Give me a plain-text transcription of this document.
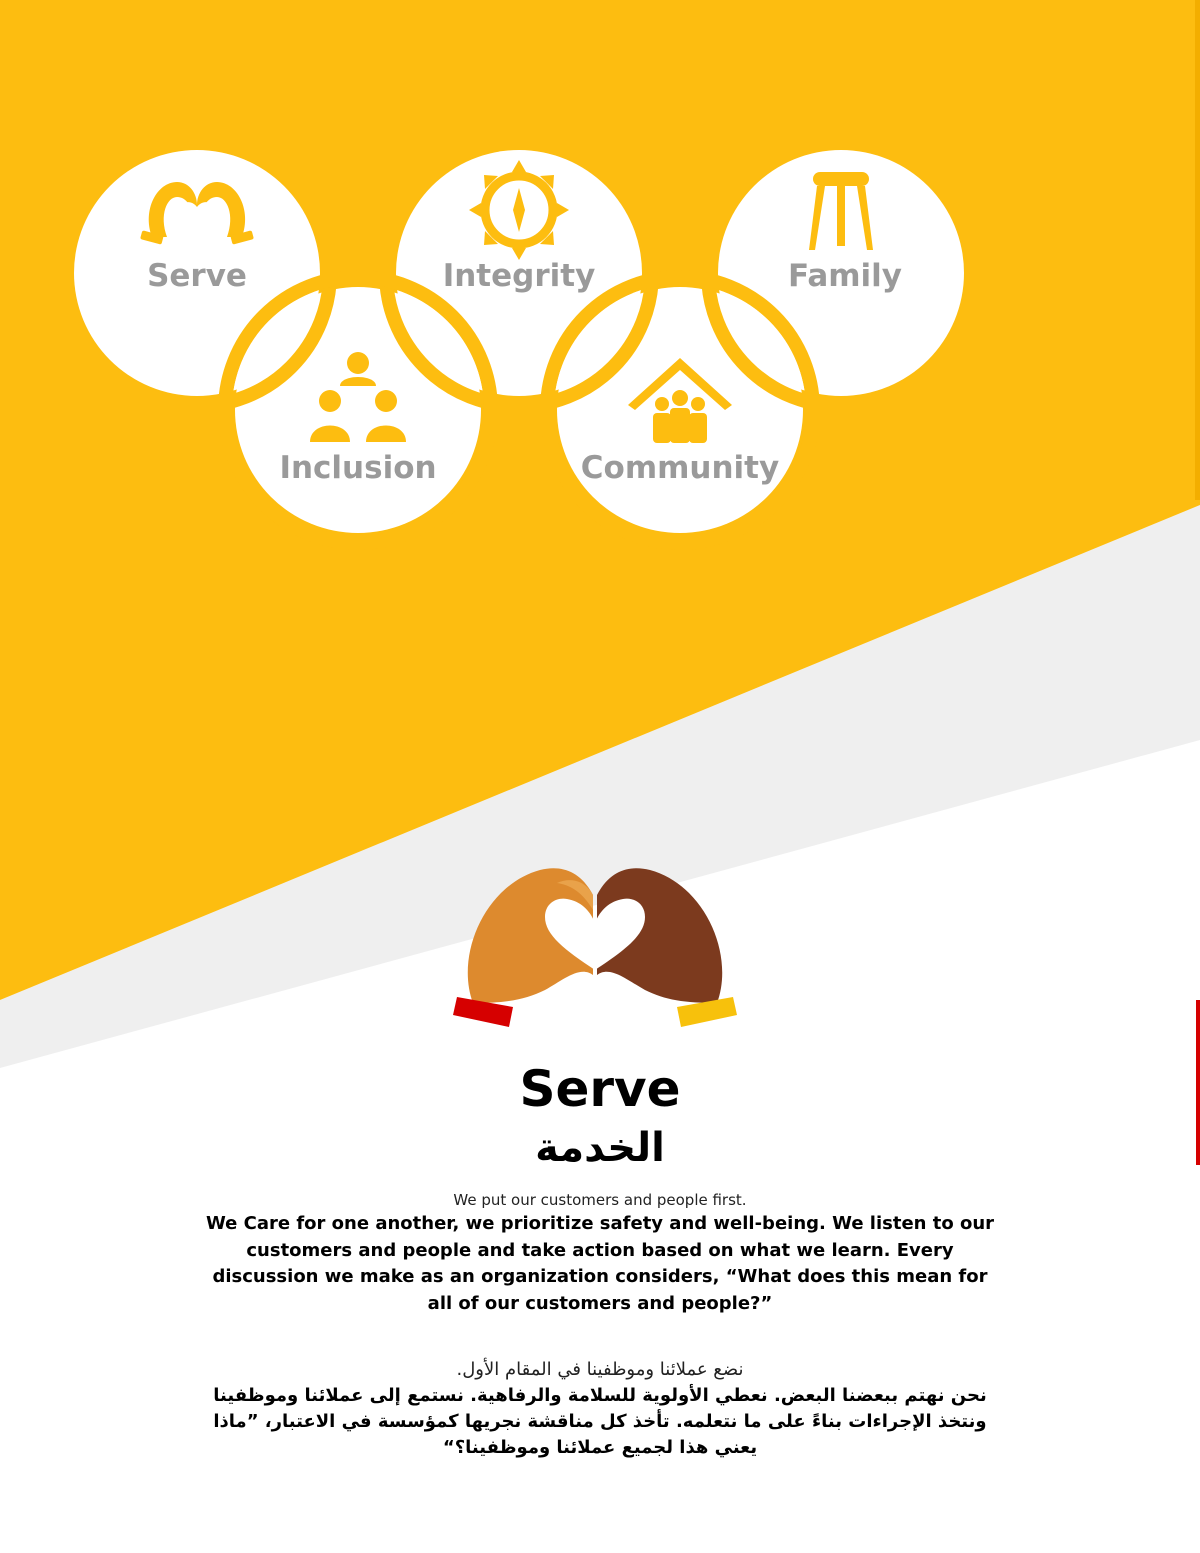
Serve	Integrity	Family
Inclusion	Community
Serve
الخدمة

We put our customers and people first.

We Care for one another, we prioritize safety and well-being. We listen to our customers and people and take action based on what we learn. Every discussion we make as an organization considers, “What does this mean for all of our customers and people?”

نضع عملائنا وموظفينا في المقام الأول.

نحن نهتم ببعضنا البعض. نعطي الأولوية للسلامة والرفاهية. نستمع إلى عملائنا وموظفينا ونتخذ الإجراءات بناءً على ما نتعلمه. تأخذ كل مناقشة نجريها كمؤسسة في الاعتبار، ”ماذا يعني هذا لجميع عملائنا وموظفينا؟“
